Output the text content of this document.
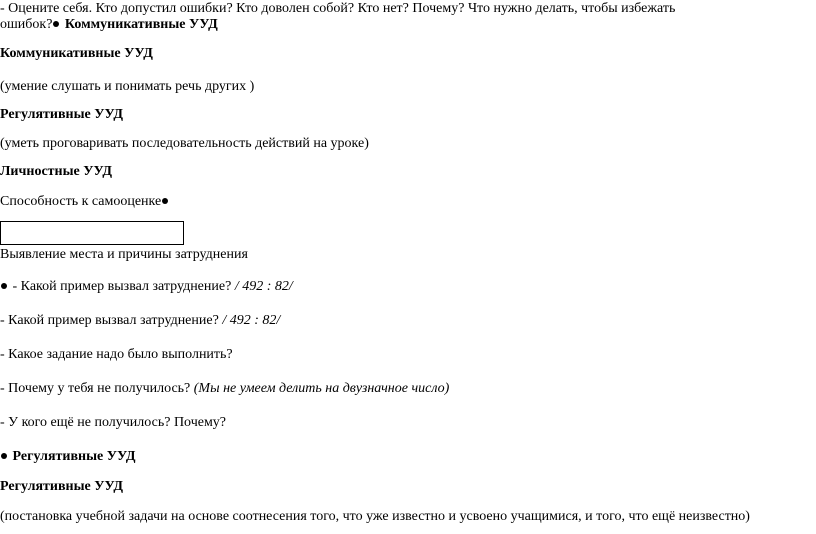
- Оцените себя. Кто допустил ошибки? Кто доволен собой? Кто нет? Почему? Что нужно делать, чтобы избежать
ошибок? Коммуникативные УУД
Коммуникативные УУД
(умение слушать и понимать речь других )
Регулятивные УУД
(уметь проговаривать последовательность действий на уроке)
Личностные УУД
Способность к самооценке
Выявление места и причины затруднения
- Какой пример вызвал затруднение? / 492 : 82/
- Какой пример вызвал затруднение? / 492 : 82/
- Какое задание надо было выполнить?
- Почему у тебя не получилось? (Мы не умеем делить на двузначное число)
- У кого ещё не получилось? Почему?
Регулятивные УУД
Регулятивные УУД
(постановка учебной задачи на основе соотнесения того, что уже известно и усвоено учащимися, и того, что ещё неизвестно)
